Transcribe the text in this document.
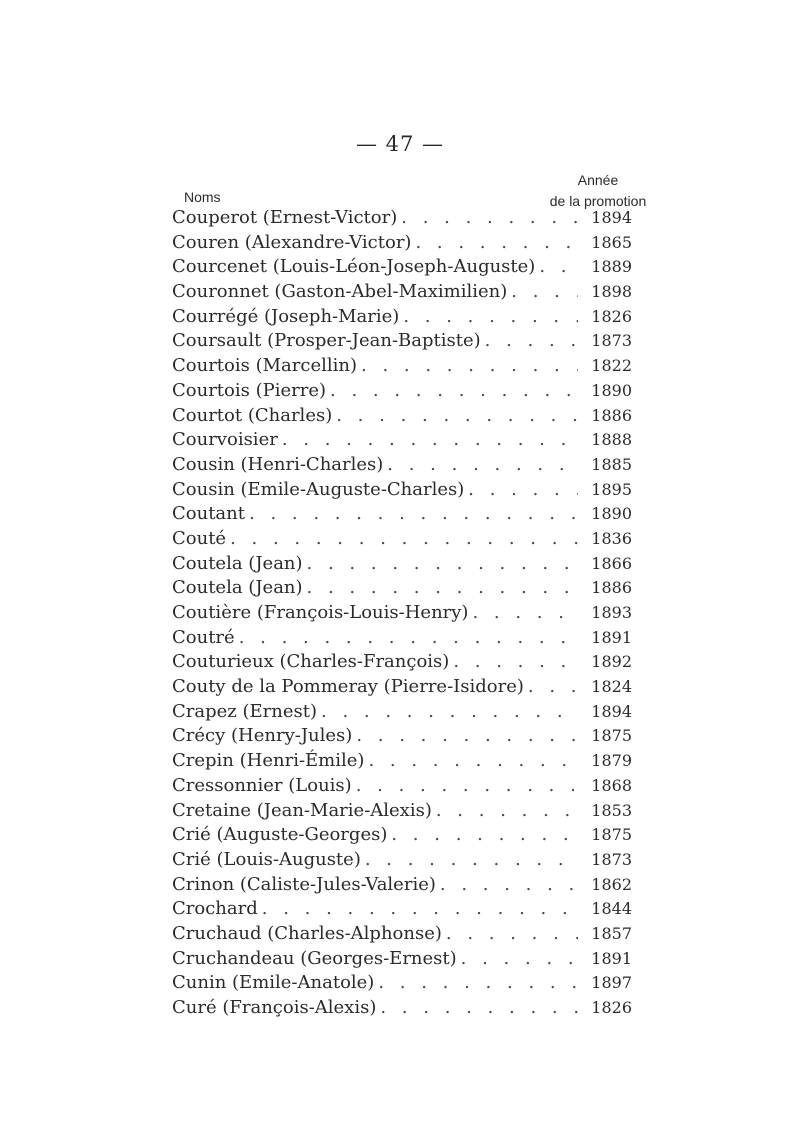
— 47 —
Noms
Année
de la promotion
Couperot (Ernest-Victor) . . .	1894
Couren (Alexandre-Victor) . . .	1865
Courcenet (Louis-Léon-Joseph-Auguste) . . .	1889
Couronnet (Gaston-Abel-Maximilien) . . .	1898
Courrégé (Joseph-Marie) . . .	1826
Coursault (Prosper-Jean-Baptiste) . . .	1873
Courtois (Marcellin) . . .	1822
Courtois (Pierre) . . .	1890
Courtot (Charles) . . .	1886
Courvoisier . . .	1888
Cousin (Henri-Charles) . . .	1885
Cousin (Emile-Auguste-Charles) . . .	1895
Coutant . . .	1890
Couté . . .	1836
Coutela (Jean) . . .	1866
Coutela (Jean) . . .	1886
Coutière (François-Louis-Henry) . . .	1893
Coutré . . .	1891
Couturieux (Charles-François) . . .	1892
Couty de la Pommeray (Pierre-Isidore) . . .	1824
Crapez (Ernest) . . .	1894
Crécy (Henry-Jules) . . .	1875
Crepin (Henri-Émile) . . .	1879
Cressonnier (Louis) . . .	1868
Cretaine (Jean-Marie-Alexis) . . .	1853
Crié (Auguste-Georges) . . .	1875
Crié (Louis-Auguste) . . .	1873
Crinon (Caliste-Jules-Valerie) . . .	1862
Crochard . . .	1844
Cruchaud (Charles-Alphonse) . . .	1857
Cruchandeau (Georges-Ernest) . . .	1891
Cunin (Emile-Anatole) . . .	1897
Curé (François-Alexis) . . .	1826
